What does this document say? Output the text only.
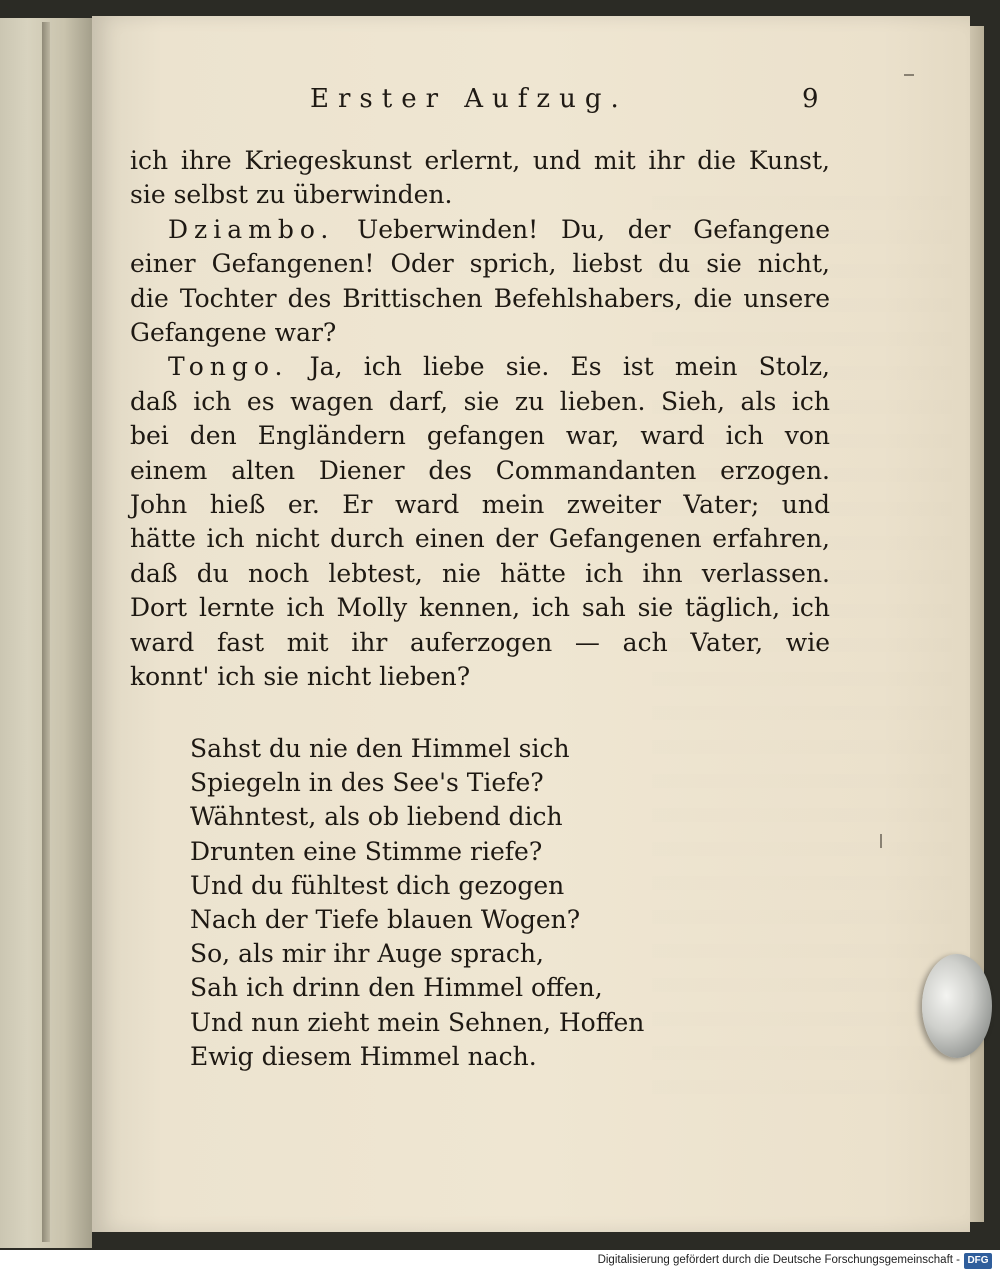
Erster Aufzug.	9

ich ihre Kriegeskunst erlernt, und mit ihr die Kunst,
sie selbst zu überwinden.

Dziambo. Ueberwinden! Du, der Gefangene
einer Gefangenen! Oder sprich, liebst du sie nicht,
die Tochter des Brittischen Befehlshabers, die unsere
Gefangene war?

Tongo. Ja, ich liebe sie. Es ist mein Stolz,
daß ich es wagen darf, sie zu lieben. Sieh, als ich
bei den Engländern gefangen war, ward ich von
einem alten Diener des Commandanten erzogen.
John hieß er. Er ward mein zweiter Vater; und
hätte ich nicht durch einen der Gefangenen erfahren,
daß du noch lebtest, nie hätte ich ihn verlassen.
Dort lernte ich Molly kennen, ich sah sie täglich, ich
ward fast mit ihr auferzogen — ach Vater, wie
konnt' ich sie nicht lieben?

Sahst du nie den Himmel sich
Spiegeln in des See's Tiefe?
Wähntest, als ob liebend dich
Drunten eine Stimme riefe?
Und du fühltest dich gezogen
Nach der Tiefe blauen Wogen?
So, als mir ihr Auge sprach,
Sah ich drinn den Himmel offen,
Und nun zieht mein Sehnen, Hoffen
Ewig diesem Himmel nach.
Digitalisierung gefördert durch die Deutsche Forschungsgemeinschaft - DFG
